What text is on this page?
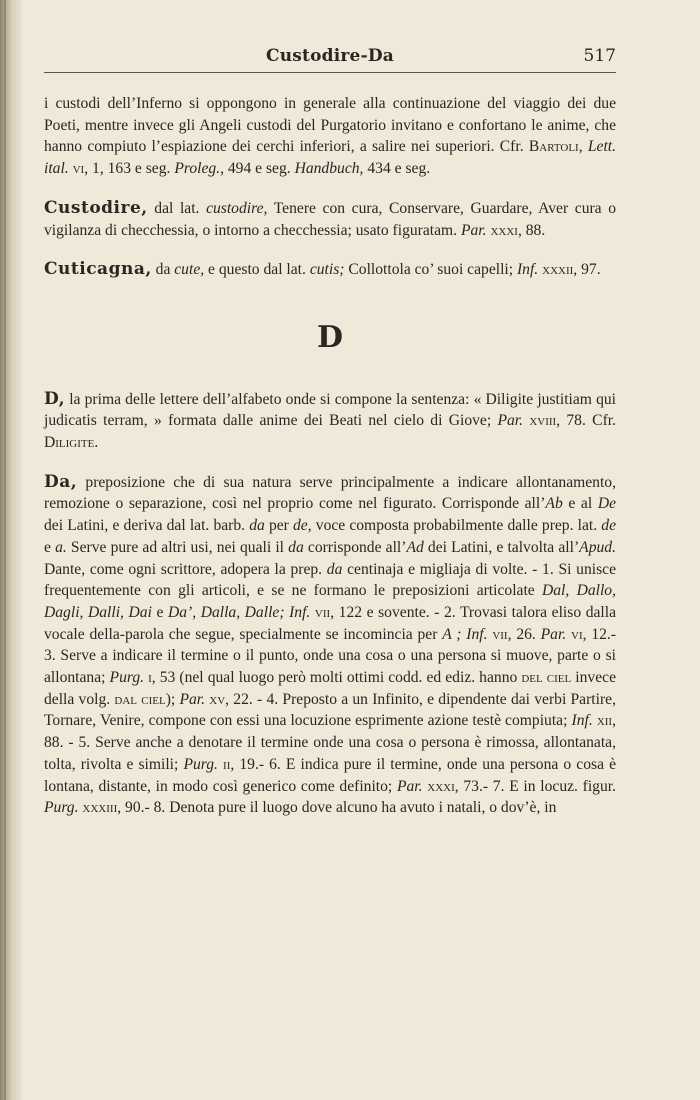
Custodire-Da	517

i custodi dell’Inferno si oppongono in generale alla continuazione del viaggio dei due Poeti, mentre invece gli Angeli custodi del Purgatorio invitano e confortano le anime, che hanno compiuto l’espiazione dei cerchi inferiori, a salire nei superiori. Cfr. Bartoli, Lett. ital. vi, 1, 163 e seg. Proleg., 494 e seg. Handbuch, 434 e seg.

Custodire, dal lat. custodire, Tenere con cura, Conservare, Guardare, Aver cura o vigilanza di checchessia, o intorno a checchessia; usato figuratam. Par. xxxi, 88.

Cuticagna, da cute, e questo dal lat. cutis; Collottola co’ suoi capelli; Inf. xxxii, 97.

D

D, la prima delle lettere dell’alfabeto onde si compone la sentenza: « Diligite justitiam qui judicatis terram, » formata dalle anime dei Beati nel cielo di Giove; Par. xviii, 78. Cfr. Diligite.

Da, preposizione che di sua natura serve principalmente a indicare allontanamento, remozione o separazione, così nel proprio come nel figurato. Corrisponde all’Ab e al De dei Latini, e deriva dal lat. barb. da per de, voce composta probabilmente dalle prep. lat. de e a. Serve pure ad altri usi, nei quali il da corrisponde all’Ad dei Latini, e talvolta all’Apud. Dante, come ogni scrittore, adopera la prep. da centinaja e migliaja di volte. - 1. Si unisce frequentemente con gli articoli, e se ne formano le preposizioni articolate Dal, Dallo, Dagli, Dalli, Dai e Da’, Dalla, Dalle; Inf. vii, 122 e sovente. - 2. Trovasi talora eliso dalla vocale della-parola che segue, specialmente se incomincia per A ; Inf. vii, 26. Par. vi, 12.- 3. Serve a indicare il termine o il punto, onde una cosa o una persona si muove, parte o si allontana; Purg. i, 53 (nel qual luogo però molti ottimi codd. ed ediz. hanno del ciel invece della volg. dal ciel); Par. xv, 22. - 4. Preposto a un Infinito, e dipendente dai verbi Partire, Tornare, Venire, compone con essi una locuzione esprimente azione testè compiuta; Inf. xii, 88. - 5. Serve anche a denotare il termine onde una cosa o persona è rimossa, allontanata, tolta, rivolta e simili; Purg. ii, 19.- 6. E indica pure il termine, onde una persona o cosa è lontana, distante, in modo così generico come definito; Par. xxxi, 73.- 7. E in locuz. figur. Purg. xxxiii, 90.- 8. Denota pure il luogo dove alcuno ha avuto i natali, o dov’è, in
